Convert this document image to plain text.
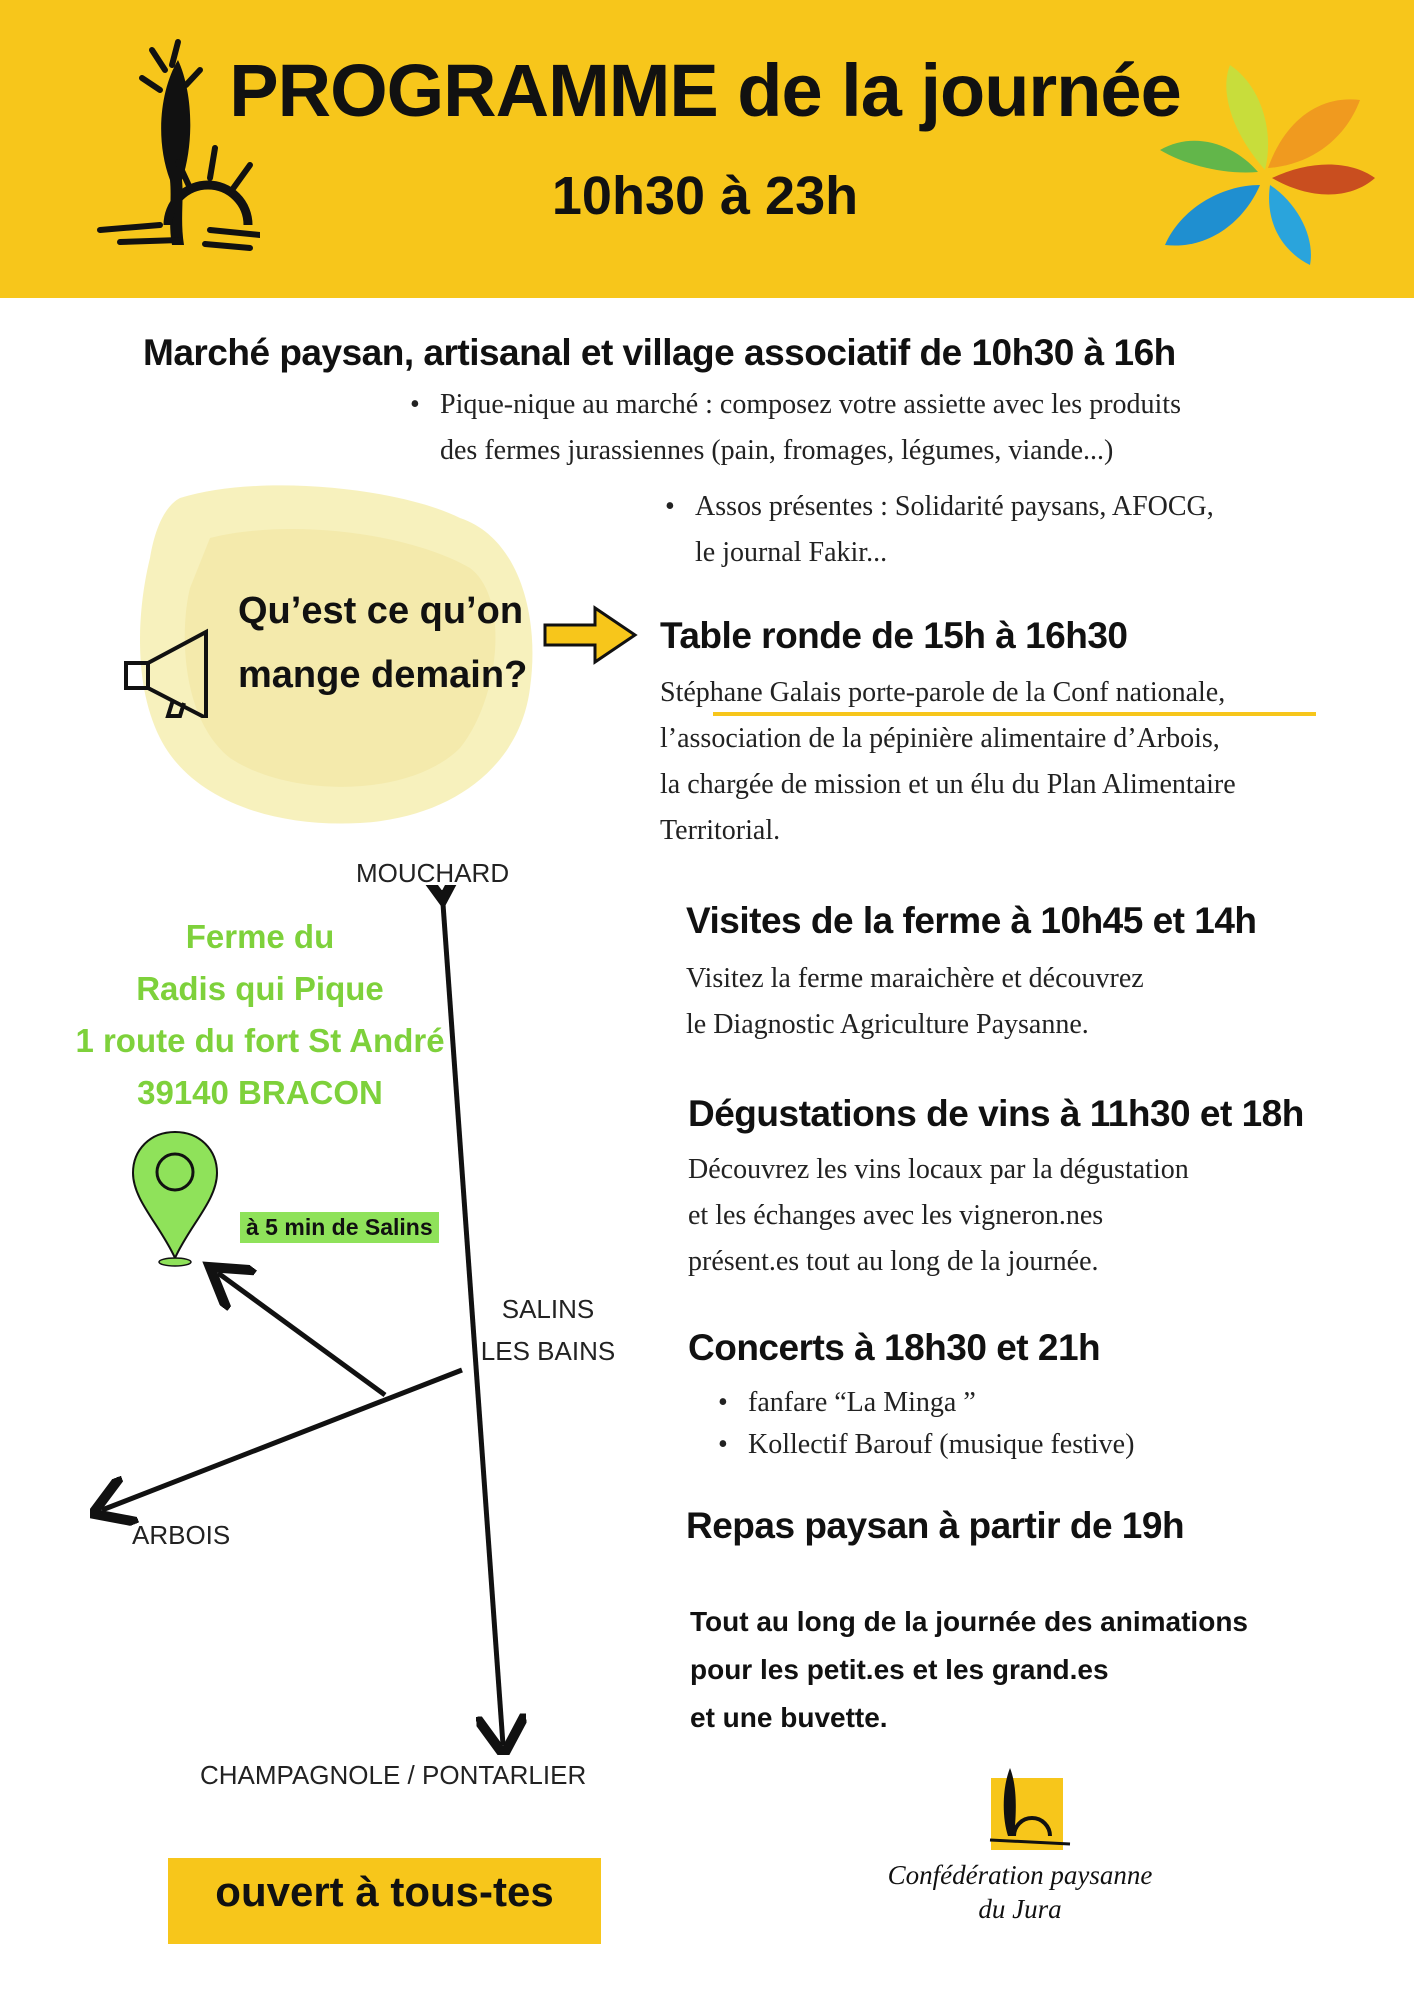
PROGRAMME de la journée
10h30 à 23h
Marché paysan, artisanal et village associatif de 10h30 à 16h
• Pique-nique au marché : composez votre assiette avec les produits

des fermes jurassiennes (pain, fromages, légumes, viande...)

• Assos présentes : Solidarité paysans, AFOCG,

le journal Fakir...

Qu’est ce qu’on
mange demain?
Table ronde de 15h à 16h30

Stéphane Galais porte-parole de la Conf nationale,

l’association de la pépinière alimentaire d’Arbois,

la chargée de mission et un élu du Plan Alimentaire

Territorial.

Visites de la ferme à 10h45 et 14h

Visitez la ferme maraichère et découvrez

le Diagnostic Agriculture Paysanne.

Dégustations de vins à 11h30 et 18h

Découvrez les vins locaux par la dégustation

et les échanges avec les vigneron.nes

présent.es tout au long de la journée.

Concerts à 18h30 et 21h
• fanfare “La Minga ”
• Kollectif Barouf (musique festive)
Repas paysan à partir de 19h
Tout au long de la journée des animations
pour les petit.es et les grand.es
et une buvette.
MOUCHARD
CHAMPAGNOLE / PONTARLIER
ARBOIS
SALINS
LES BAINS
Ferme du
Radis qui Pique
1 route du fort St André
39140 BRACON
à 5 min de Salins
ouvert à tous-tes	Confédération paysanne
du Jura
